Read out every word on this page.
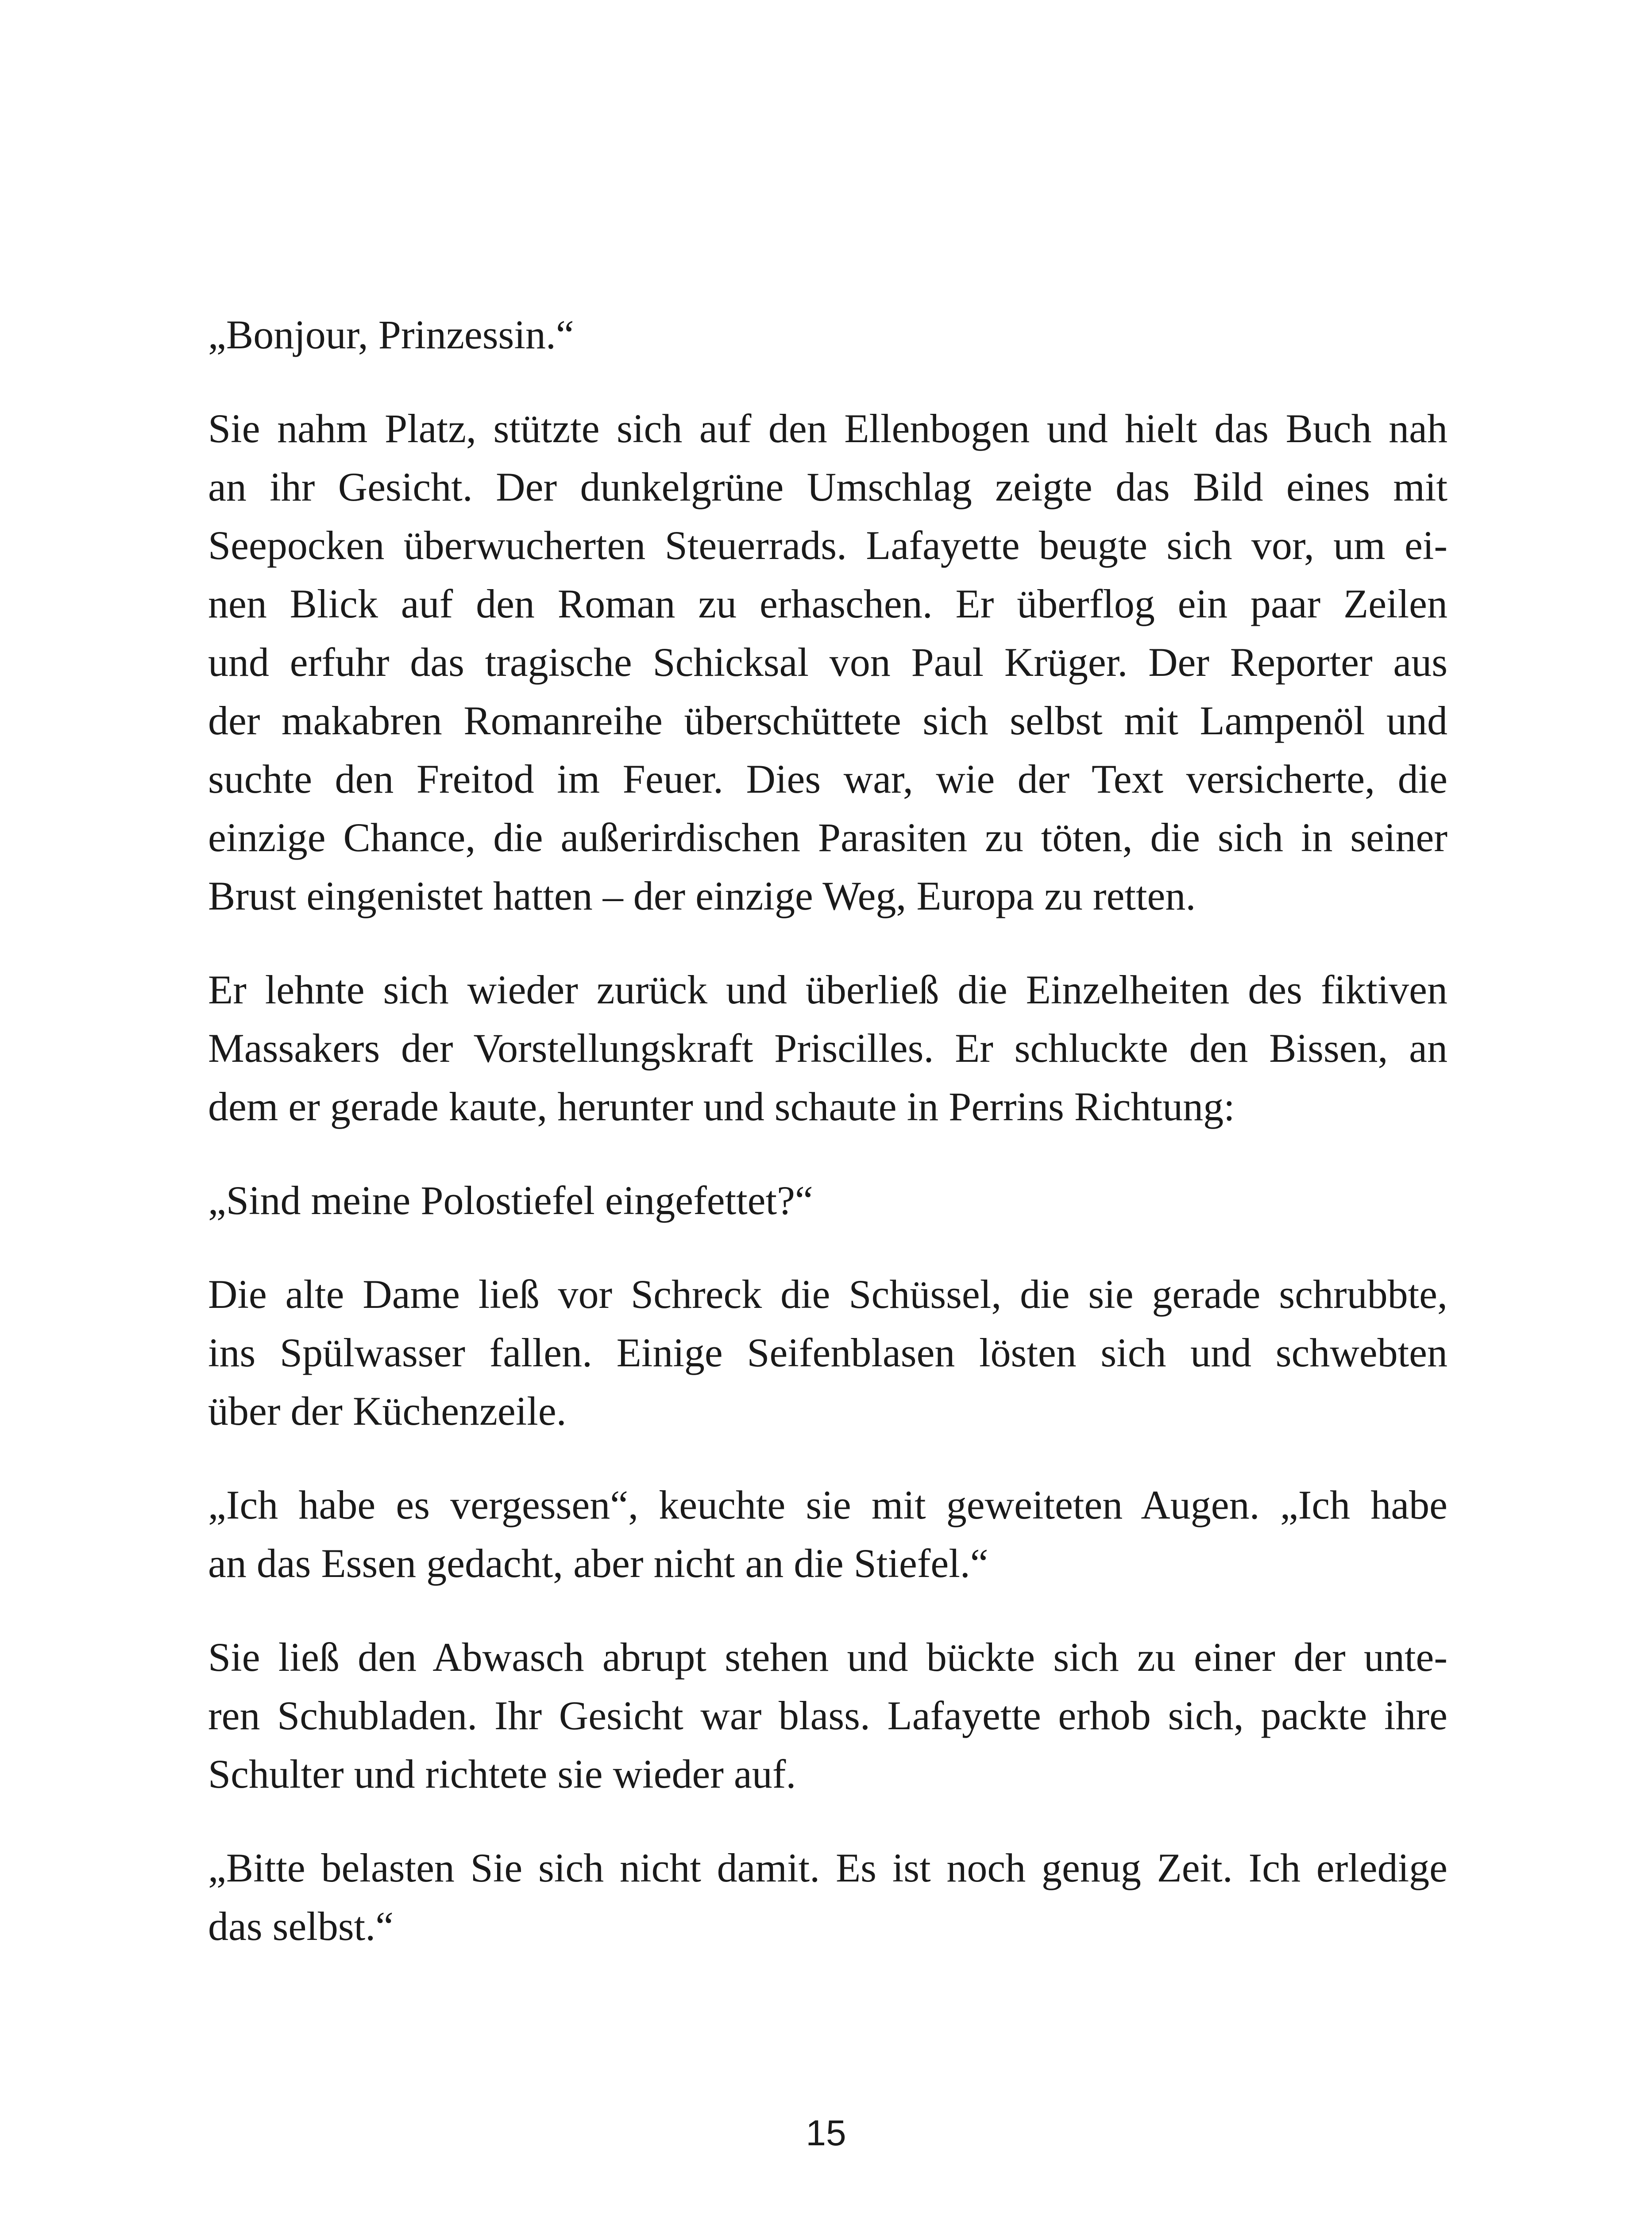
„Bonjour, Prinzessin.“

Sie nahm Platz, stützte sich auf den Ellenbogen und hielt das Buch nah
an ihr Gesicht. Der dunkelgrüne Umschlag zeigte das Bild eines mit
Seepocken überwucherten Steuerrads. Lafayette beugte sich vor, um ei-
nen Blick auf den Roman zu erhaschen. Er überflog ein paar Zeilen
und erfuhr das tragische Schicksal von Paul Krüger. Der Reporter aus
der makabren Romanreihe überschüttete sich selbst mit Lampenöl und
suchte den Freitod im Feuer. Dies war, wie der Text versicherte, die
einzige Chance, die außerirdischen Parasiten zu töten, die sich in seiner
Brust eingenistet hatten – der einzige Weg, Europa zu retten.

Er lehnte sich wieder zurück und überließ die Einzelheiten des fiktiven
Massakers der Vorstellungskraft Priscilles. Er schluckte den Bissen, an
dem er gerade kaute, herunter und schaute in Perrins Richtung:

„Sind meine Polostiefel eingefettet?“

Die alte Dame ließ vor Schreck die Schüssel, die sie gerade schrubbte,
ins Spülwasser fallen. Einige Seifenblasen lösten sich und schwebten
über der Küchenzeile.

„Ich habe es vergessen“, keuchte sie mit geweiteten Augen. „Ich habe
an das Essen gedacht, aber nicht an die Stiefel.“

Sie ließ den Abwasch abrupt stehen und bückte sich zu einer der unte-
ren Schubladen. Ihr Gesicht war blass. Lafayette erhob sich, packte ihre
Schulter und richtete sie wieder auf.

„Bitte belasten Sie sich nicht damit. Es ist noch genug Zeit. Ich erledige
das selbst.“

15
